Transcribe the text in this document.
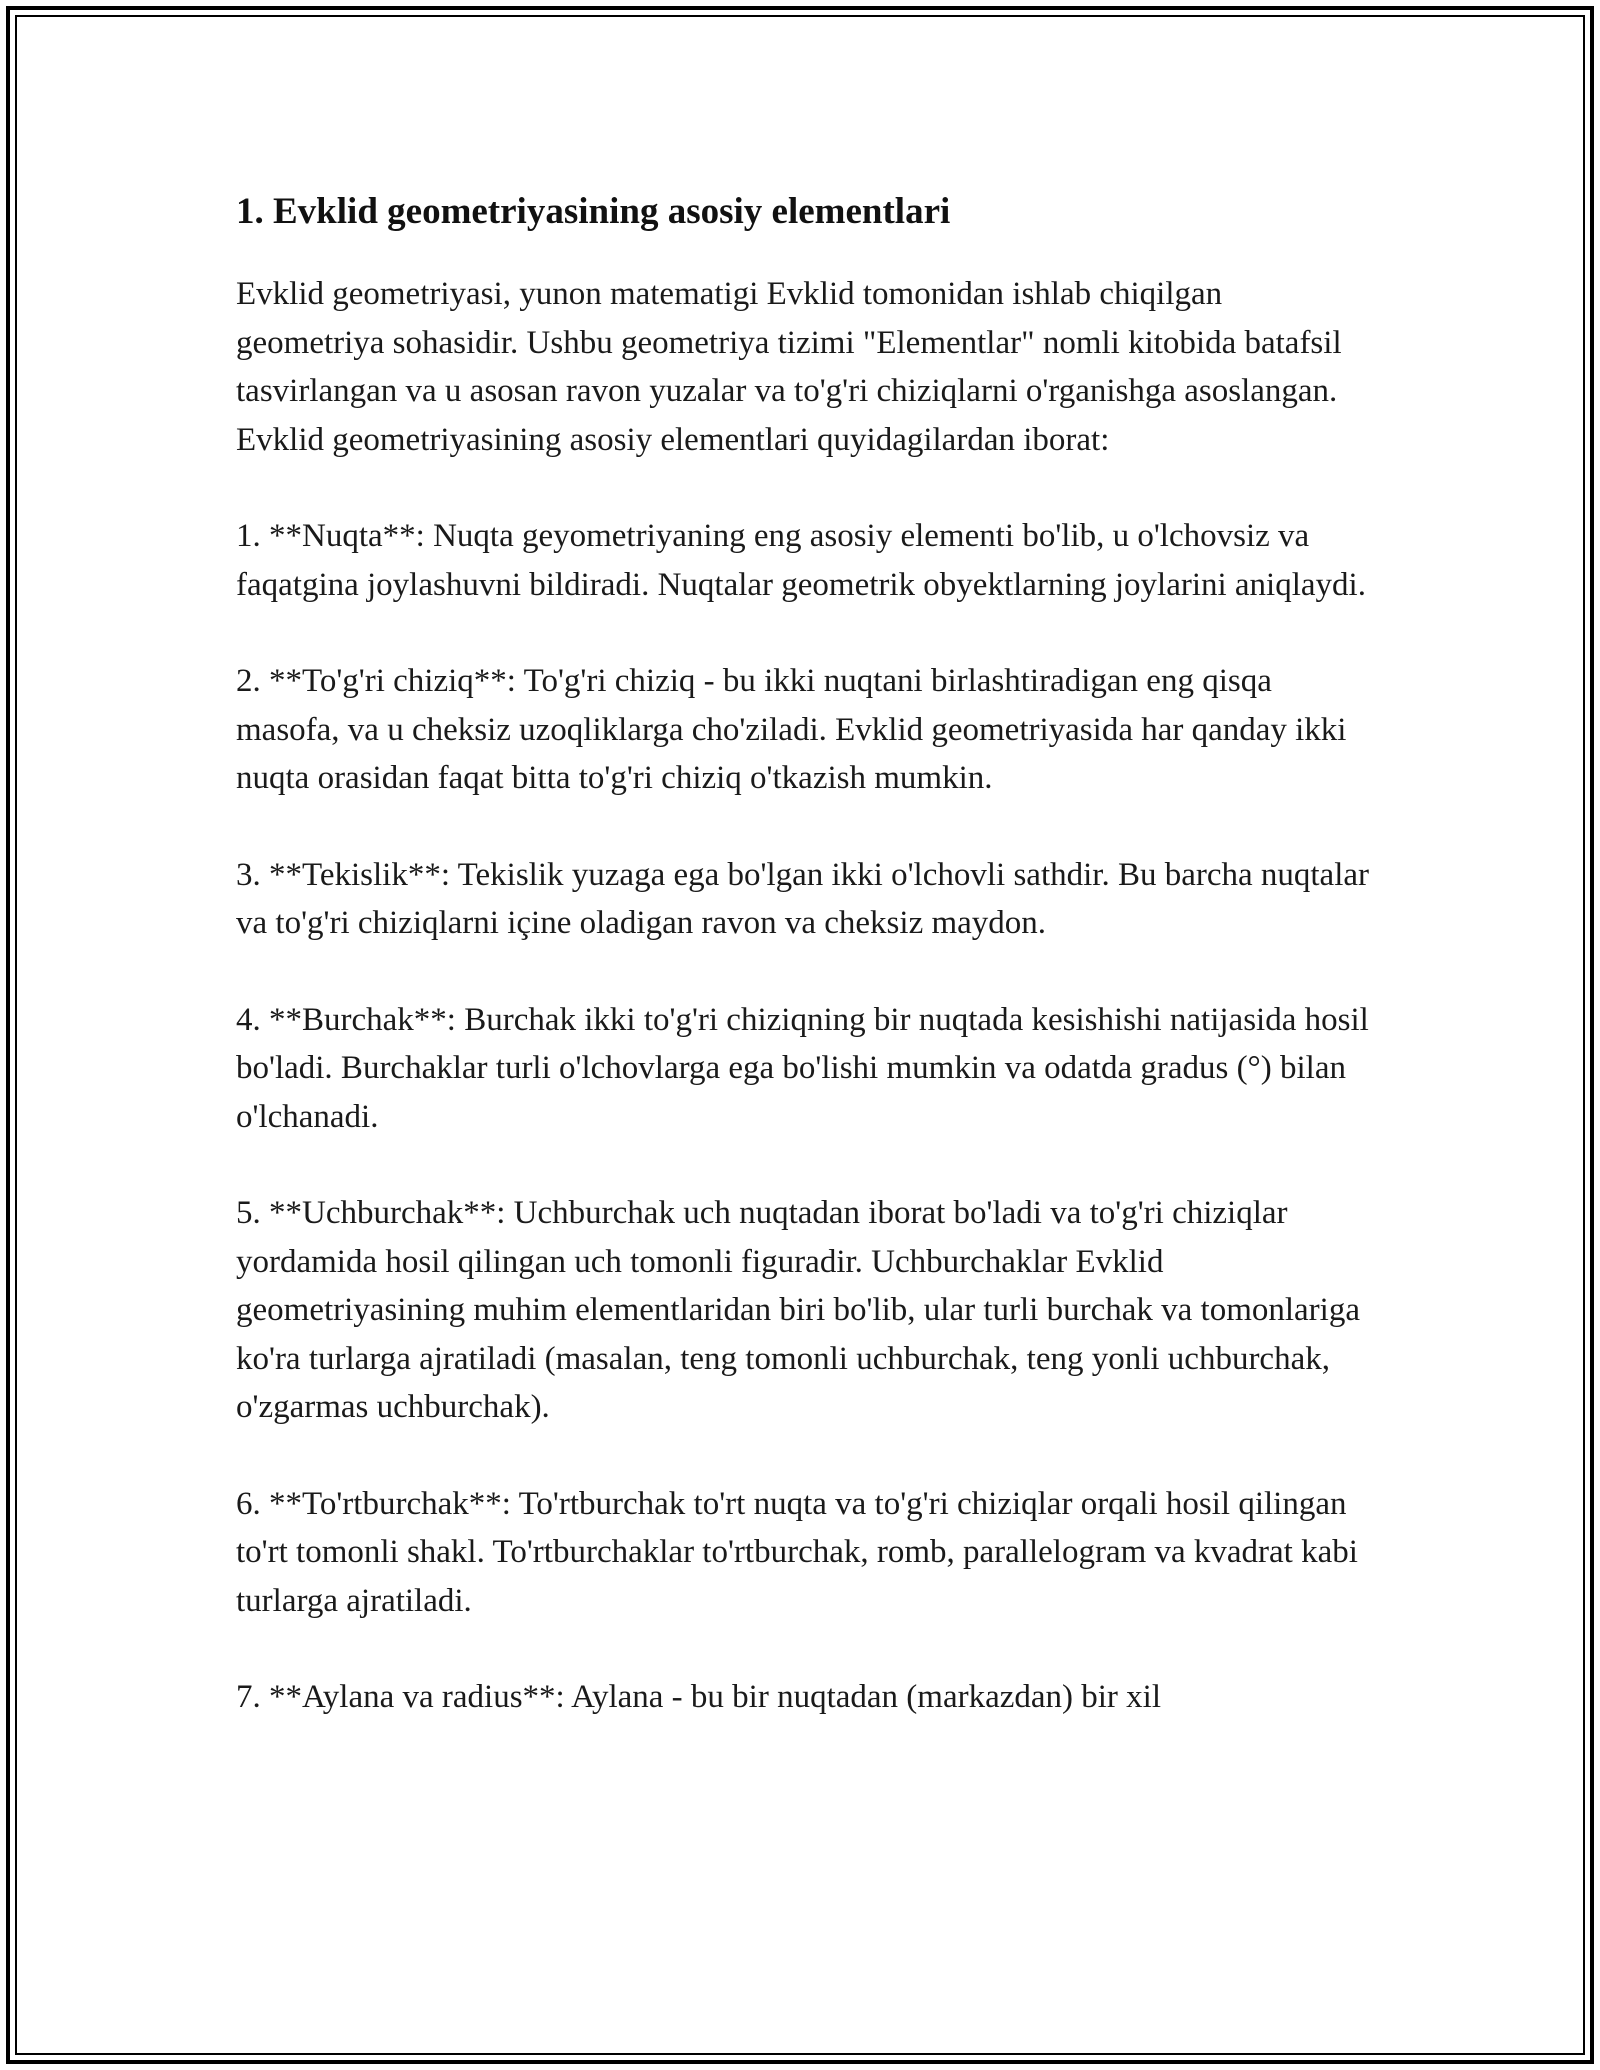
1. Evklid geometriyasining asosiy elementlari

Evklid geometriyasi, yunon matematigi Evklid tomonidan ishlab chiqilgan geometriya sohasidir. Ushbu geometriya tizimi "Elementlar" nomli kitobida batafsil tasvirlangan va u asosan ravon yuzalar va to'g'ri chiziqlarni o'rganishga asoslangan. Evklid geometriyasining asosiy elementlari quyidagilardan iborat:

1. **Nuqta**: Nuqta geyometriyaning eng asosiy elementi bo'lib, u o'lchovsiz va faqatgina joylashuvni bildiradi. Nuqtalar geometrik obyektlarning joylarini aniqlaydi.

2. **To'g'ri chiziq**: To'g'ri chiziq - bu ikki nuqtani birlashtiradigan eng qisqa masofa, va u cheksiz uzoqliklarga cho'ziladi. Evklid geometriyasida har qanday ikki nuqta orasidan faqat bitta to'g'ri chiziq o'tkazish mumkin.

3. **Tekislik**: Tekislik yuzaga ega bo'lgan ikki o'lchovli sathdir. Bu barcha nuqtalar va to'g'ri chiziqlarni içine oladigan ravon va cheksiz maydon.

4. **Burchak**: Burchak ikki to'g'ri chiziqning bir nuqtada kesishishi natijasida hosil bo'ladi. Burchaklar turli o'lchovlarga ega bo'lishi mumkin va odatda gradus (°) bilan o'lchanadi.

5. **Uchburchak**: Uchburchak uch nuqtadan iborat bo'ladi va to'g'ri chiziqlar yordamida hosil qilingan uch tomonli figuradir. Uchburchaklar Evklid geometriyasining muhim elementlaridan biri bo'lib, ular turli burchak va tomonlariga ko'ra turlarga ajratiladi (masalan, teng tomonli uchburchak, teng yonli uchburchak, o'zgarmas uchburchak).

6. **To'rtburchak**: To'rtburchak to'rt nuqta va to'g'ri chiziqlar orqali hosil qilingan to'rt tomonli shakl. To'rtburchaklar to'rtburchak, romb, parallelogram va kvadrat kabi turlarga ajratiladi.

7. **Aylana va radius**: Aylana - bu bir nuqtadan (markazdan) bir xil
